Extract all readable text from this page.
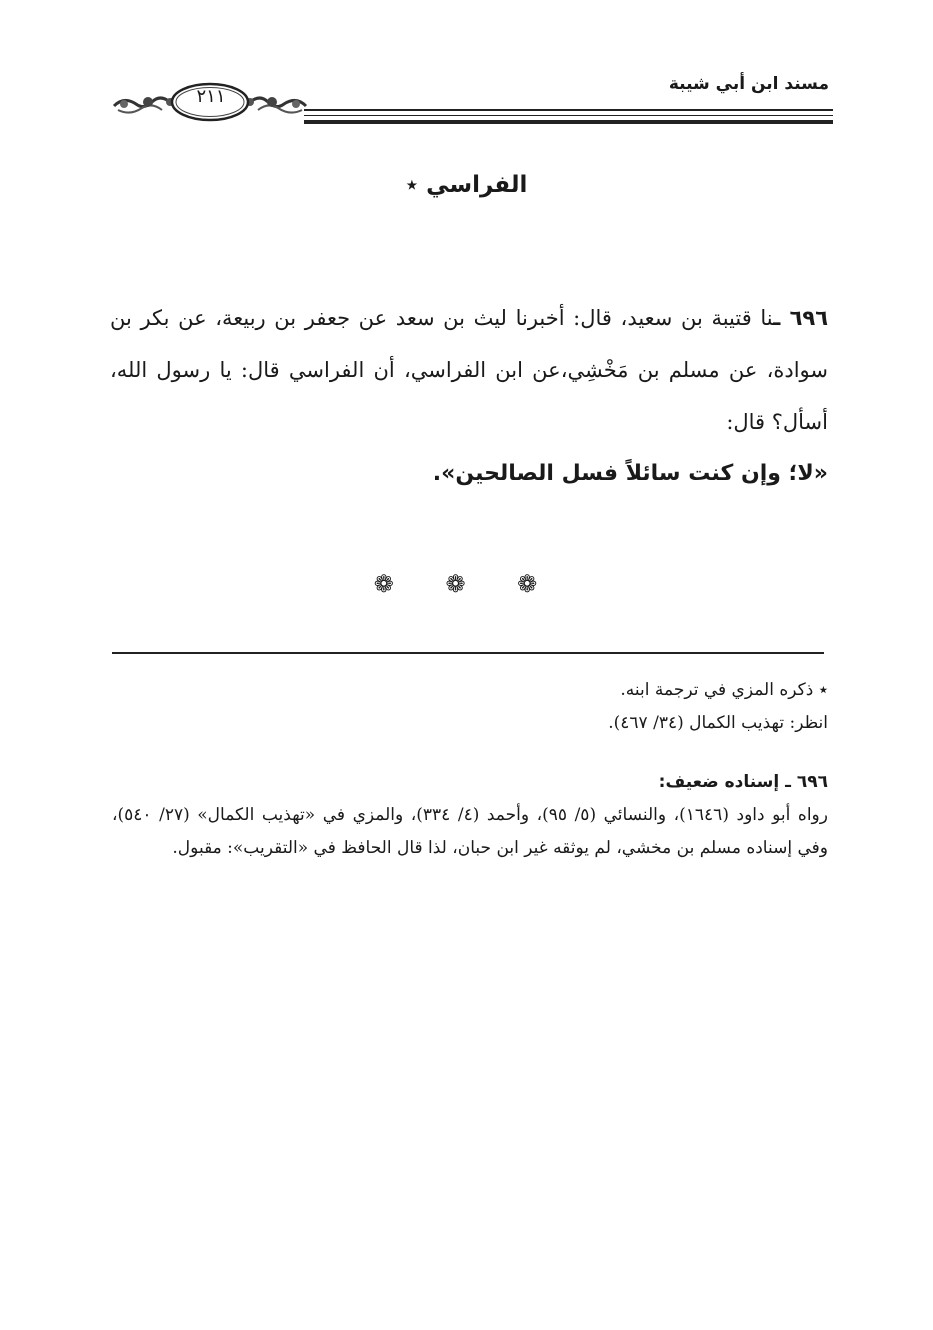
مسند ابن أبي شيبة
٢١١
الفراسي ٭

٦٩٦ ـنا قتيبة بن سعيد، قال: أخبرنا ليث بن سعد عن جعفر بن ربيعة، عن بكر بن سوادة، عن مسلم بن مَخْشِي،عن ابن الفراسي، أن الفراسي قال: يا رسول الله، أسأل؟ قال:

«لا؛ وإن كنت سائلاً فسل الصالحين».

❁ ❁ ❁

٭ ذكره المزي في ترجمة ابنه.

انظر: تهذيب الكمال (٣٤/ ٤٦٧).

٦٩٦ ـ إسناده ضعيف:

رواه أبو داود (١٦٤٦)، والنسائي (٥/ ٩٥)، وأحمد (٤/ ٣٣٤)، والمزي في «تهذيب الكمال» (٢٧/ ٥٤٠)، وفي إسناده مسلم بن مخشي، لم يوثقه غير ابن حبان، لذا قال الحافظ في «التقريب»: مقبول.
